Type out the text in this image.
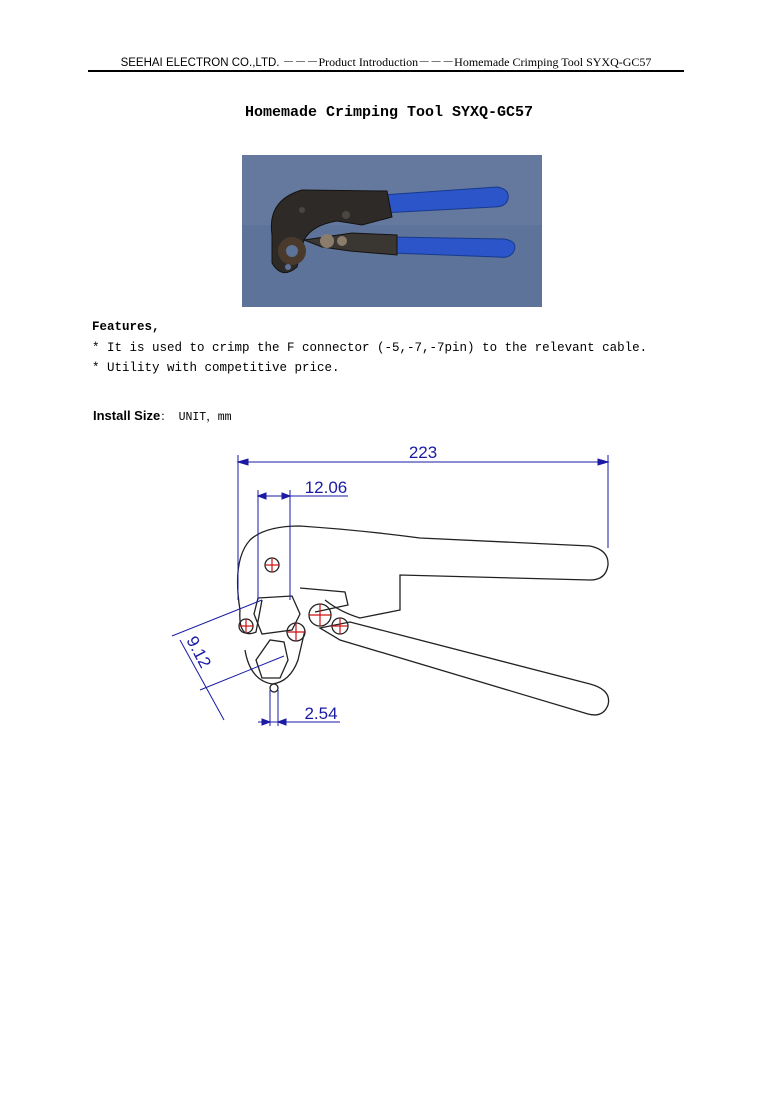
SEEHAI ELECTRON CO.,LTD. －－－Product Introduction－－－Homemade Crimping Tool SYXQ-GC57
Homemade Crimping Tool SYXQ-GC57
Features,
* It is used to crimp the F connector (-5,-7,-7pin) to the relevant cable.
* Utility with competitive price.
Install Size： UNIT，mm
223
12.06
9.12
2.54
